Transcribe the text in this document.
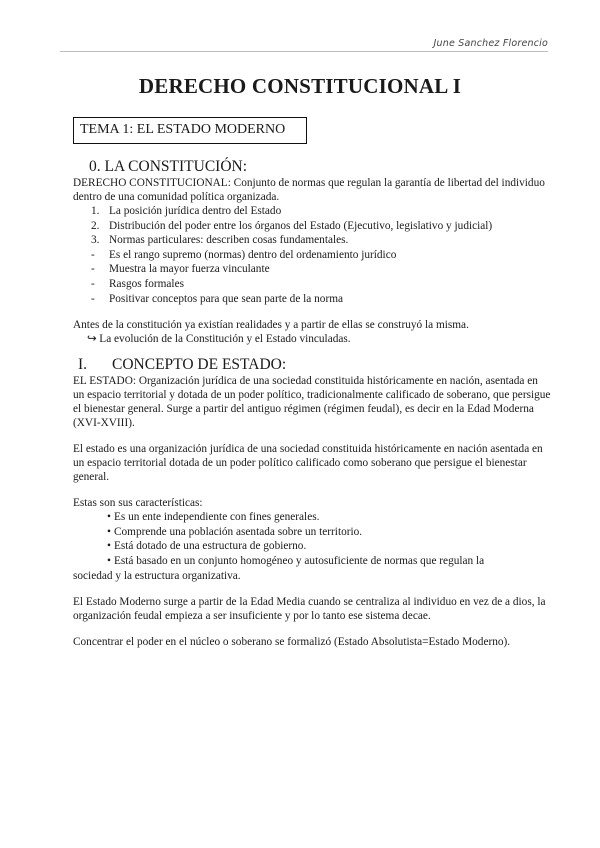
June Sanchez Florencio
DERECHO CONSTITUCIONAL I
TEMA 1: EL ESTADO MODERNO
0. LA CONSTITUCIÓN:

DERECHO CONSTITUCIONAL: Conjunto de normas que regulan la garantía de libertad del individuo dentro de una comunidad política organizada.

1. La posición jurídica dentro del Estado
2. Distribución del poder entre los órganos del Estado (Ejecutivo, legislativo y judicial)
3. Normas particulares: describen cosas fundamentales.
-	Es el rango supremo (normas) dentro del ordenamiento jurídico
-	Muestra la mayor fuerza vinculante
-	Rasgos formales
-	Positivar conceptos para que sean parte de la norma

Antes de la constitución ya existían realidades y a partir de ellas se construyó la misma.

↪ La evolución de la Constitución y el Estado vinculadas.

I.	CONCEPTO DE ESTADO:

EL ESTADO: Organización jurídica de una sociedad constituida históricamente en nación, asentada en un espacio territorial y dotada de un poder político, tradicionalmente calificado de soberano, que persigue el bienestar general. Surge a partir del antiguo régimen (régimen feudal), es decir en la Edad Moderna (XVI-XVIII).

El estado es una organización jurídica de una sociedad constituida históricamente en nación asentada en un espacio territorial dotada de un poder político calificado como soberano que persigue el bienestar general.

Estas son sus características:

• Es un ente independiente con fines generales.
• Comprende una población asentada sobre un territorio.
• Está dotado de una estructura de gobierno.
• Está basado en un conjunto homogéneo y autosuficiente de normas que regulan la
sociedad y la estructura organizativa.

El Estado Moderno surge a partir de la Edad Media cuando se centraliza al individuo en vez de a dios, la organización feudal empieza a ser insuficiente y por lo tanto ese sistema decae.

Concentrar el poder en el núcleo o soberano se formalizó (Estado Absolutista=Estado Moderno).
